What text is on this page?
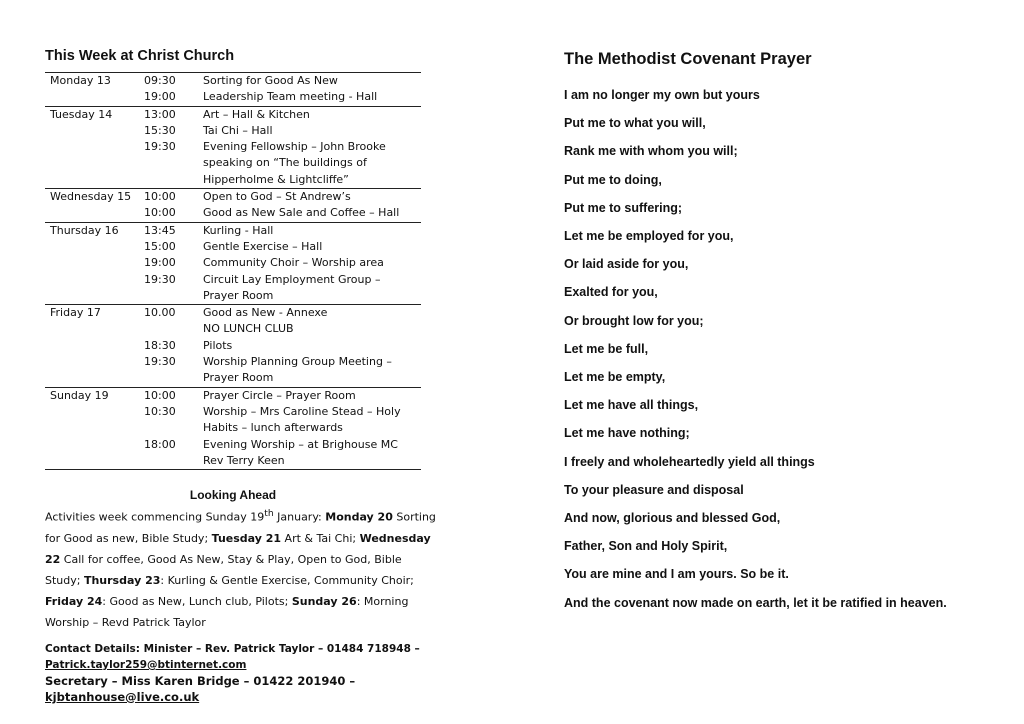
This Week at Christ Church
Monday 13	09:30	Sorting for Good As New
	19:00	Leadership Team meeting - Hall
Tuesday 14	13:00	Art – Hall & Kitchen
	15:30	Tai Chi – Hall
	19:30	Evening Fellowship – John Brooke
		speaking on “The buildings of
		Hipperholme & Lightcliffe”
Wednesday 15	10:00	Open to God – St Andrew’s
	10:00	Good as New Sale and Coffee – Hall
Thursday 16	13:45	Kurling - Hall
	15:00	Gentle Exercise – Hall
	19:00	Community Choir – Worship area
	19:30	Circuit Lay Employment Group –
		Prayer Room
Friday 17	10.00	Good as New - Annexe
		NO LUNCH CLUB
	18:30	Pilots
	19:30	Worship Planning Group Meeting –
		Prayer Room
Sunday 19	10:00	Prayer Circle – Prayer Room
	10:30	Worship – Mrs Caroline Stead – Holy
		Habits – lunch afterwards
	18:00	Evening Worship – at Brighouse MC
		Rev Terry Keen
Looking Ahead
Activities week commencing Sunday 19th January: Monday 20 Sorting for Good as new, Bible Study; Tuesday 21 Art & Tai Chi; Wednesday 22 Call for coffee, Good As New, Stay & Play, Open to God, Bible Study; Thursday 23: Kurling & Gentle Exercise, Community Choir; Friday 24: Good as New, Lunch club, Pilots; Sunday 26: Morning Worship – Revd Patrick Taylor
Contact Details: Minister – Rev. Patrick Taylor – 01484 718948 –
Patrick.taylor259@btinternet.com
Secretary – Miss Karen Bridge – 01422 201940 – kjbtanhouse@live.co.uk
The Methodist Covenant Prayer

I am no longer my own but yours

Put me to what you will,

Rank me with whom you will;

Put me to doing,

Put me to suffering;

Let me be employed for you,

Or laid aside for you,

Exalted for you,

Or brought low for you;

Let me be full,

Let me be empty,

Let me have all things,

Let me have nothing;

I freely and wholeheartedly yield all things

To your pleasure and disposal

And now, glorious and blessed God,

Father, Son and Holy Spirit,

You are mine and I am yours. So be it.

And the covenant now made on earth, let it be ratified in heaven.
